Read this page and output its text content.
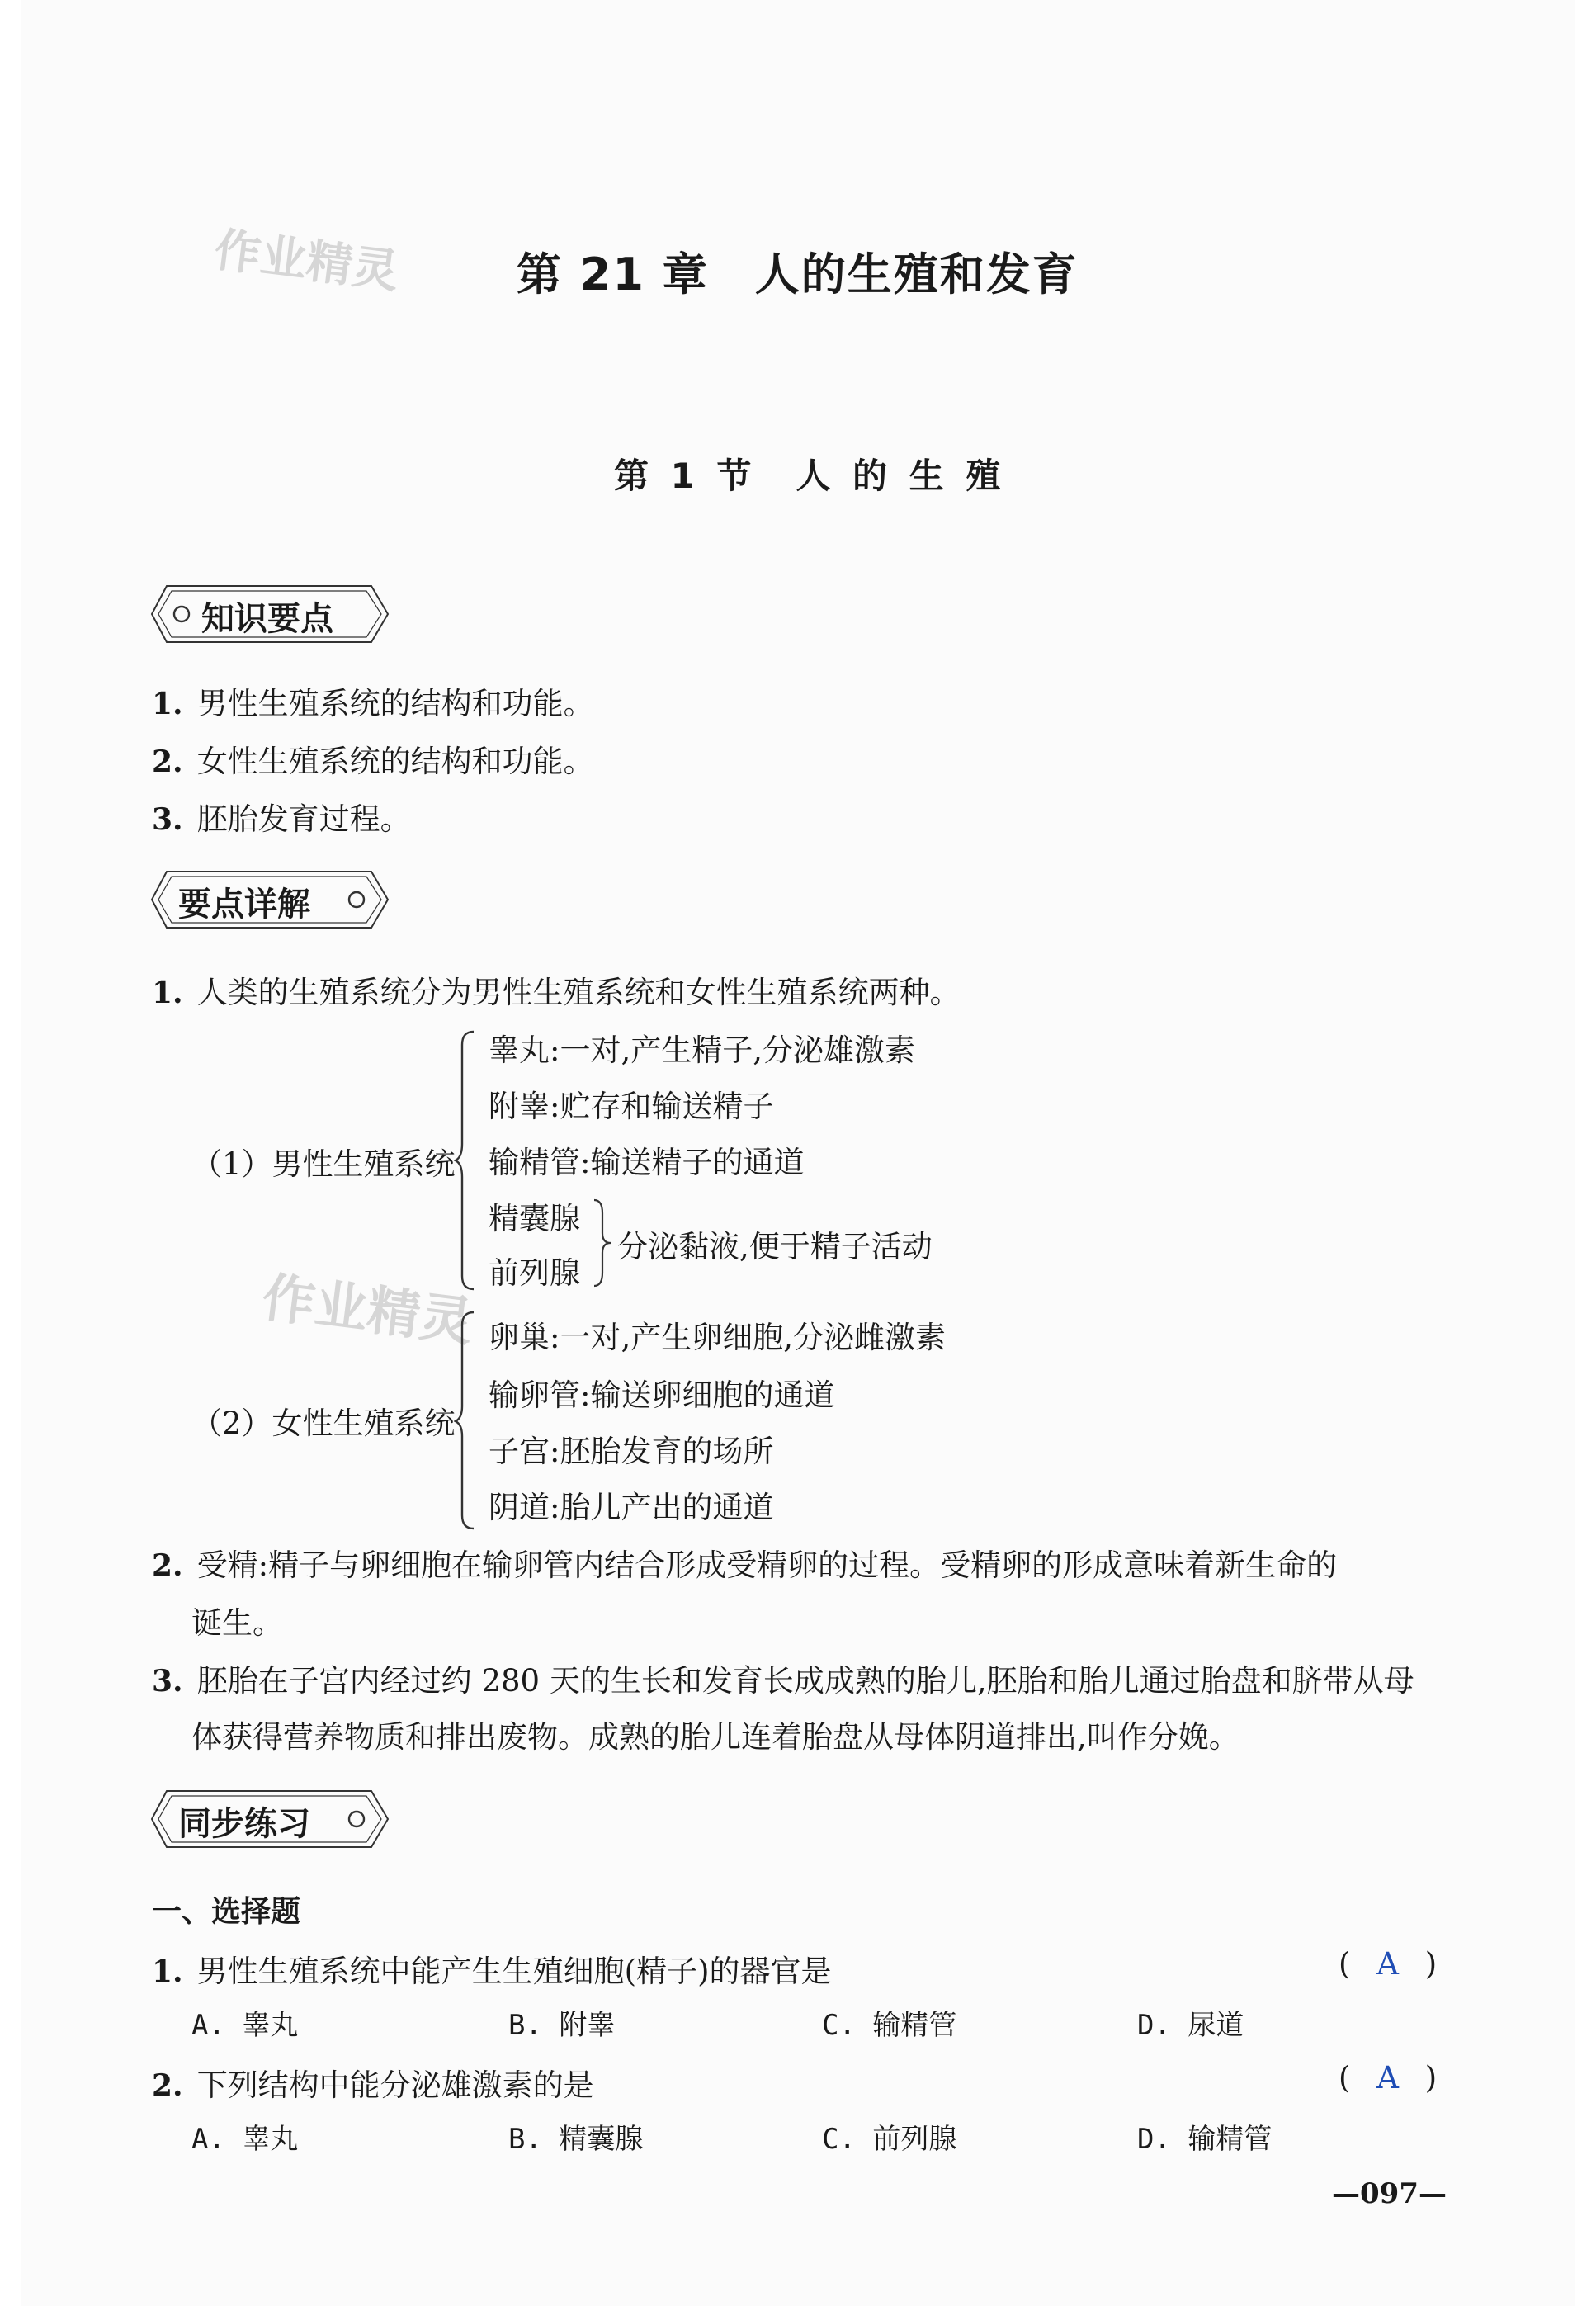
作业精灵
作业精灵
第 21 章　人的生殖和发育
第 1 节　人 的 生 殖
知识要点
1. 男性生殖系统的结构和功能。
2. 女性生殖系统的结构和功能。
3. 胚胎发育过程。
要点详解
1. 人类的生殖系统分为男性生殖系统和女性生殖系统两种。
（1）男性生殖系统
睾丸:一对,产生精子,分泌雄激素
附睾:贮存和输送精子
输精管:输送精子的通道
精囊腺
前列腺
分泌黏液,便于精子活动
（2）女性生殖系统
卵巢:一对,产生卵细胞,分泌雌激素
输卵管:输送卵细胞的通道
子宫:胚胎发育的场所
阴道:胎儿产出的通道
2. 受精:精子与卵细胞在输卵管内结合形成受精卵的过程。受精卵的形成意味着新生命的
诞生。
3. 胚胎在子宫内经过约 280 天的生长和发育长成成熟的胎儿,胚胎和胎儿通过胎盘和脐带从母
体获得营养物质和排出废物。成熟的胎儿连着胎盘从母体阴道排出,叫作分娩。
同步练习
一、选择题
1. 男性生殖系统中能产生生殖细胞(精子)的器官是	( A )
A. 睾丸	B. 附睾	C. 输精管	D. 尿道
2. 下列结构中能分泌雄激素的是	( A )
A. 睾丸	B. 精囊腺	C. 前列腺	D. 输精管
—097—
